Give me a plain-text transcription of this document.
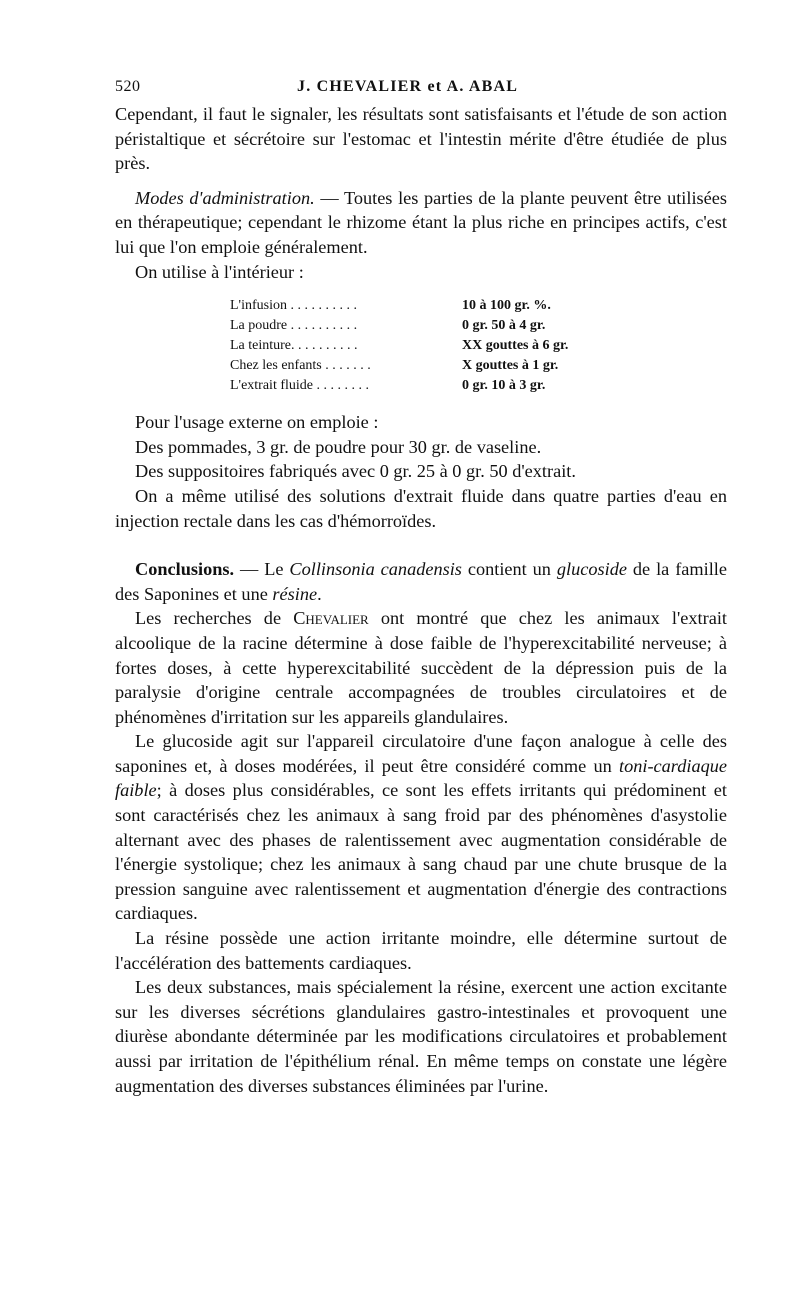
520	J. CHEVALIER et A. ABAL

Cependant, il faut le signaler, les résultats sont satisfaisants et l'étude de son action péristaltique et sécrétoire sur l'estomac et l'intestin mérite d'être étudiée de plus près.

Modes d'administration. — Toutes les parties de la plante peuvent être utilisées en thérapeutique; cependant le rhizome étant la plus riche en principes actifs, c'est lui que l'on emploie généralement.

On utilise à l'intérieur :

L'infusion . . . . . . . . . .	10 à 100 gr. %.
La poudre . . . . . . . . . .	0 gr. 50 à 4 gr.
La teinture. . . . . . . . . .	XX gouttes à 6 gr.
Chez les enfants . . . . . . .	X gouttes à 1 gr.
L'extrait fluide . . . . . . . .	0 gr. 10 à 3 gr.

Pour l'usage externe on emploie :

Des pommades, 3 gr. de poudre pour 30 gr. de vaseline.

Des suppositoires fabriqués avec 0 gr. 25 à 0 gr. 50 d'extrait.

On a même utilisé des solutions d'extrait fluide dans quatre parties d'eau en injection rectale dans les cas d'hémorroïdes.

Conclusions. — Le Collinsonia canadensis contient un glucoside de la famille des Saponines et une résine.

Les recherches de Chevalier ont montré que chez les animaux l'extrait alcoolique de la racine détermine à dose faible de l'hyperexcitabilité nerveuse; à fortes doses, à cette hyperexcitabilité succèdent de la dépression puis de la paralysie d'origine centrale accompagnées de troubles circulatoires et de phénomènes d'irritation sur les appareils glandulaires.

Le glucoside agit sur l'appareil circulatoire d'une façon analogue à celle des saponines et, à doses modérées, il peut être considéré comme un toni-cardiaque faible; à doses plus considérables, ce sont les effets irritants qui prédominent et sont caractérisés chez les animaux à sang froid par des phénomènes d'asystolie alternant avec des phases de ralentissement avec augmentation considérable de l'énergie systolique; chez les animaux à sang chaud par une chute brusque de la pression sanguine avec ralentissement et augmentation d'énergie des contractions cardiaques.

La résine possède une action irritante moindre, elle détermine surtout de l'accélération des battements cardiaques.

Les deux substances, mais spécialement la résine, exercent une action excitante sur les diverses sécrétions glandulaires gastro-intestinales et provoquent une diurèse abondante déterminée par les modifications circulatoires et probablement aussi par irritation de l'épithélium rénal. En même temps on constate une légère augmentation des diverses substances éliminées par l'urine.
